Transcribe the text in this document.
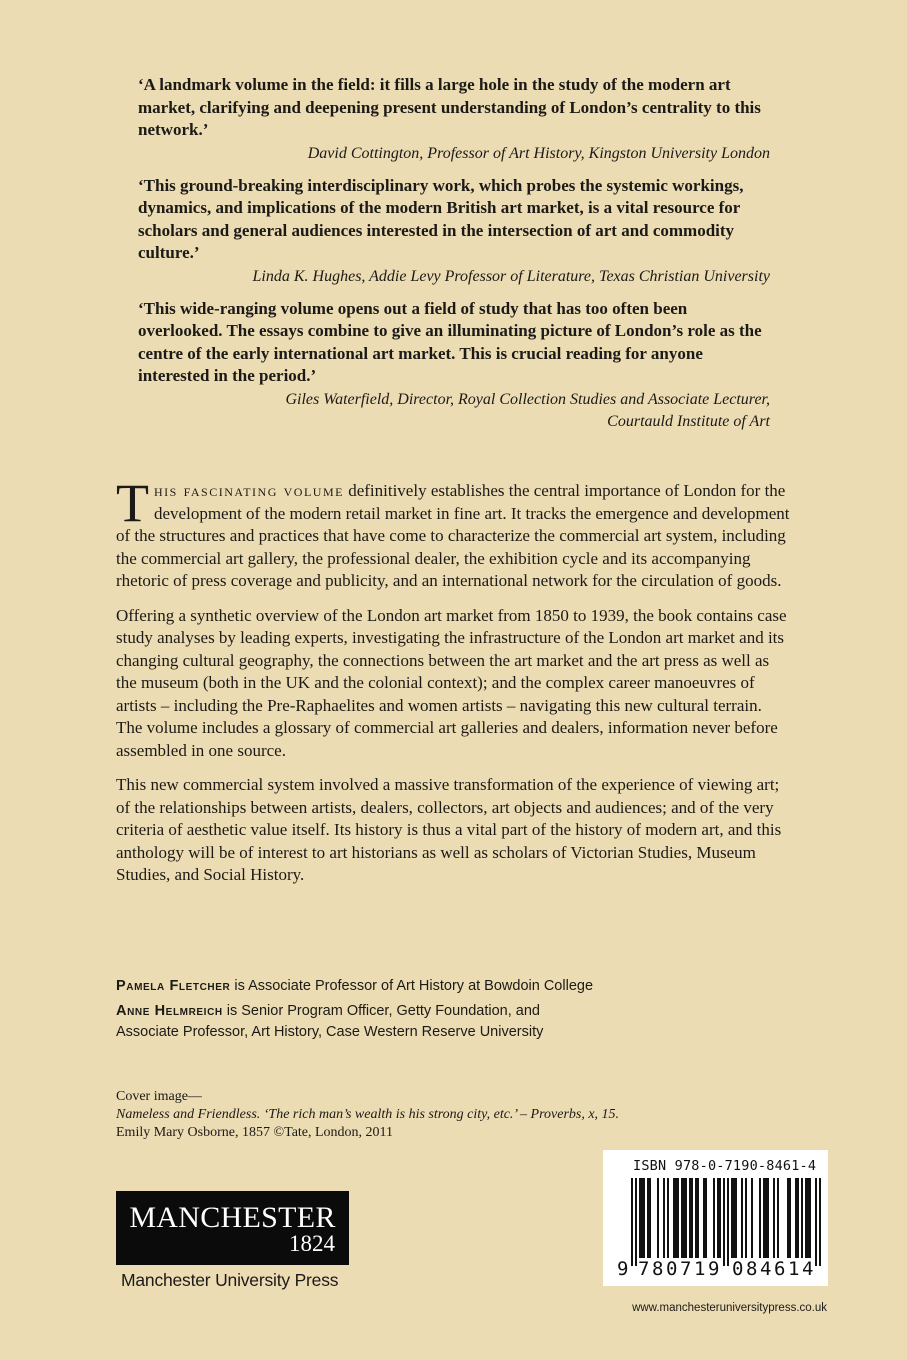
‘A landmark volume in the field: it fills a large hole in the study of the modern art market, clarifying and deepening present understanding of London’s centrality to this network.’

David Cottington, Professor of Art History, Kingston University London

‘This ground-breaking interdisciplinary work, which probes the systemic workings, dynamics, and implications of the modern British art market, is a vital resource for scholars and general audiences interested in the intersection of art and commodity culture.’

Linda K. Hughes, Addie Levy Professor of Literature, Texas Christian University

‘This wide-ranging volume opens out a field of study that has too often been overlooked. The essays combine to give an illuminating picture of London’s role as the centre of the early international art market. This is crucial reading for anyone interested in the period.’

Giles Waterfield, Director, Royal Collection Studies and Associate Lecturer,
Courtauld Institute of Art

This fascinating volume definitively establishes the central importance of London for the development of the modern retail market in fine art. It tracks the emergence and development of the structures and practices that have come to characterize the commercial art system, including the commercial art gallery, the professional dealer, the exhibition cycle and its accompanying rhetoric of press coverage and publicity, and an international network for the circulation of goods.

Offering a synthetic overview of the London art market from 1850 to 1939, the book contains case study analyses by leading experts, investigating the infrastructure of the London art market and its changing cultural geography, the connections between the art market and the art press as well as the museum (both in the UK and the colonial context); and the complex career manoeuvres of artists – including the Pre-Raphaelites and women artists – navigating this new cultural terrain. The volume includes a glossary of commercial art galleries and dealers, information never before assembled in one source.

This new commercial system involved a massive transformation of the experience of viewing art; of the relationships between artists, dealers, collectors, art objects and audiences; and of the very criteria of aesthetic value itself. Its history is thus a vital part of the history of modern art, and this anthology will be of interest to art historians as well as scholars of Victorian Studies, Museum Studies, and Social History.

Pamela Fletcher is Associate Professor of Art History at Bowdoin College

Anne Helmreich is Senior Program Officer, Getty Foundation, and
Associate Professor, Art History, Case Western Reserve University

Cover image—
Nameless and Friendless. ‘The rich man’s wealth is his strong city, etc.’ – Proverbs, x, 15.
Emily Mary Osborne, 1857 ©Tate, London, 2011
MANCHESTER
1824
Manchester University Press
ISBN 978-0-7190-8461-4
9 7 8 0 7 1 9 0 8 4 6 1 4
www.manchesteruniversitypress.co.uk
